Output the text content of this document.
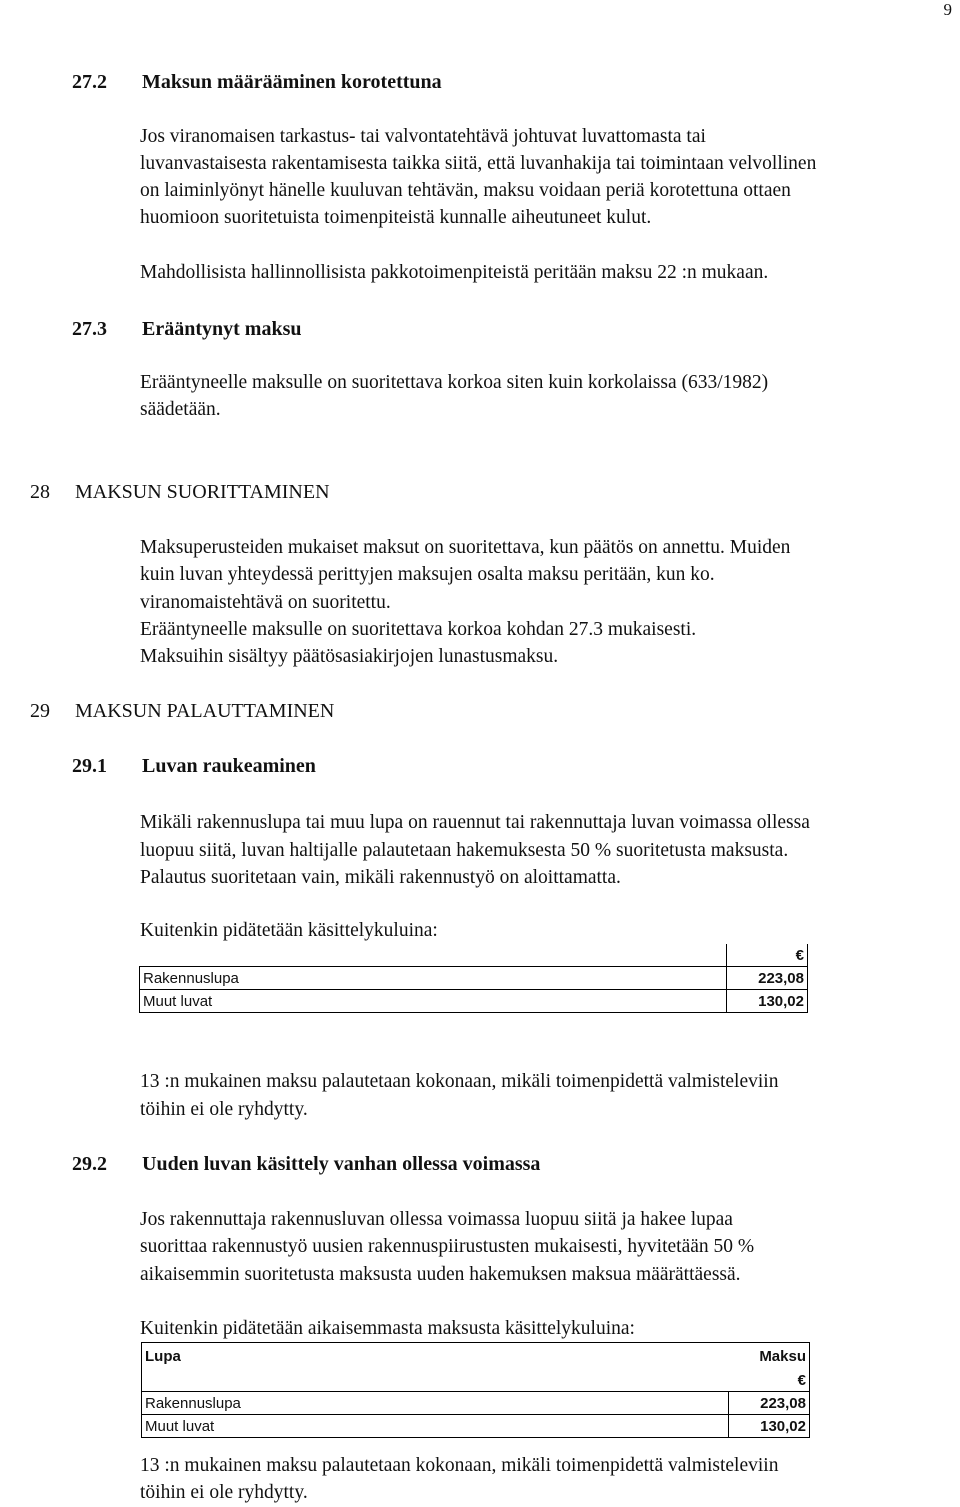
9
27.2 Maksun määrääminen korotettuna
Jos viranomaisen tarkastus- tai valvontatehtävä johtuvat luvattomasta tai
luvanvastaisesta rakentamisesta taikka siitä, että luvanhakija tai toimintaan velvollinen
on laiminlyönyt hänelle kuuluvan tehtävän, maksu voidaan periä korotettuna ottaen
huomioon suoritetuista toimenpiteistä kunnalle aiheutuneet kulut.
Mahdollisista hallinnollisista pakkotoimenpiteistä peritään maksu 22 :n mukaan.
27.3 Erääntynyt maksu
Erääntyneelle maksulle on suoritettava korkoa siten kuin korkolaissa (633/1982)
säädetään.
28 MAKSUN SUORITTAMINEN
Maksuperusteiden mukaiset maksut on suoritettava, kun päätös on annettu. Muiden
kuin luvan yhteydessä perittyjen maksujen osalta maksu peritään, kun ko.
viranomaistehtävä on suoritettu.
Erääntyneelle maksulle on suoritettava korkoa kohdan 27.3 mukaisesti.
Maksuihin sisältyy päätösasiakirjojen lunastusmaksu.
29 MAKSUN PALAUTTAMINEN
29.1 Luvan raukeaminen
Mikäli rakennuslupa tai muu lupa on rauennut tai rakennuttaja luvan voimassa ollessa
luopuu siitä, luvan haltijalle palautetaan hakemuksesta 50 % suoritetusta maksusta.
Palautus suoritetaan vain, mikäli rakennustyö on aloittamatta.
Kuitenkin pidätetään käsittelykuluina:
	€
Rakennuslupa	223,08
Muut luvat	130,02
13 :n mukainen maksu palautetaan kokonaan, mikäli toimenpidettä valmisteleviin
töihin ei ole ryhdytty.
29.2 Uuden luvan käsittely vanhan ollessa voimassa
Jos rakennuttaja rakennusluvan ollessa voimassa luopuu siitä ja hakee lupaa
suorittaa rakennustyö uusien rakennuspiirustusten mukaisesti, hyvitetään 50 %
aikaisemmin suoritetusta maksusta uuden hakemuksen maksua määrättäessä.
Kuitenkin pidätetään aikaisemmasta maksusta käsittelykuluina:
Lupa	Maksu
	€
Rakennuslupa	223,08
Muut luvat	130,02
13 :n mukainen maksu palautetaan kokonaan, mikäli toimenpidettä valmisteleviin
töihin ei ole ryhdytty.
